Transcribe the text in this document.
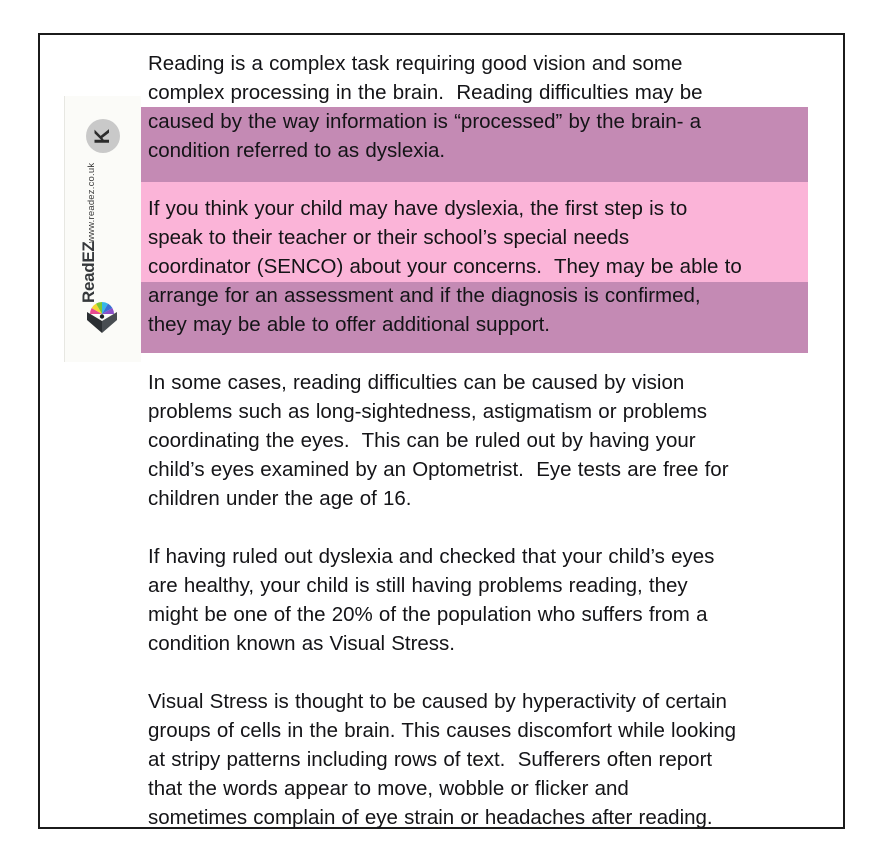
K
www.readez.co.uk
ReadEZ
Reading is a complex task requiring good vision and some
complex processing in the brain.  Reading difficulties may be
caused by the way information is “processed” by the brain- a
condition referred to as dyslexia.
If you think your child may have dyslexia, the first step is to
speak to their teacher or their school’s special needs
coordinator (SENCO) about your concerns.  They may be able to
arrange for an assessment and if the diagnosis is confirmed,
they may be able to offer additional support.
In some cases, reading difficulties can be caused by vision
problems such as long-sightedness, astigmatism or problems
coordinating the eyes.  This can be ruled out by having your
child’s eyes examined by an Optometrist.  Eye tests are free for
children under the age of 16.
If having ruled out dyslexia and checked that your child’s eyes
are healthy, your child is still having problems reading, they
might be one of the 20% of the population who suffers from a
condition known as Visual Stress.
Visual Stress is thought to be caused by hyperactivity of certain
groups of cells in the brain. This causes discomfort while looking
at stripy patterns including rows of text.  Sufferers often report
that the words appear to move, wobble or flicker and
sometimes complain of eye strain or headaches after reading.
